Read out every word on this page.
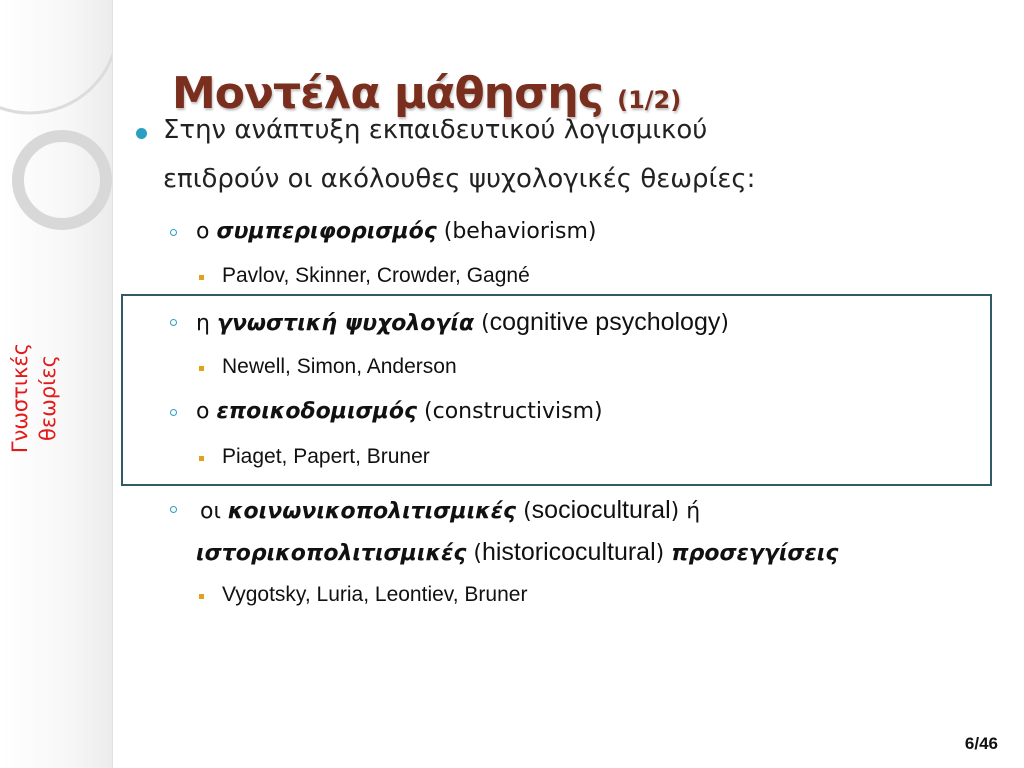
Γνωστικές θεωρίες
Μοντέλα μάθησης (1/2)
Στην ανάπτυξη εκπαιδευτικού λογισμικού
επιδρούν οι ακόλουθες ψυχολογικές θεωρίες:
ο συμπεριφορισμός (behaviorism)
Pavlov, Skinner, Crowder, Gagné
η γνωστική ψυχολογία (cognitive psychology)
Newell, Simon, Anderson
ο εποικοδομισμός (constructivism)
Piaget, Papert, Bruner
οι κοινωνικοπολιτισμικές (sociocultural) ή
ιστορικοπολιτισμικές (historicocultural) προσεγγίσεις
Vygotsky, Luria, Leontiev, Bruner
6/46
